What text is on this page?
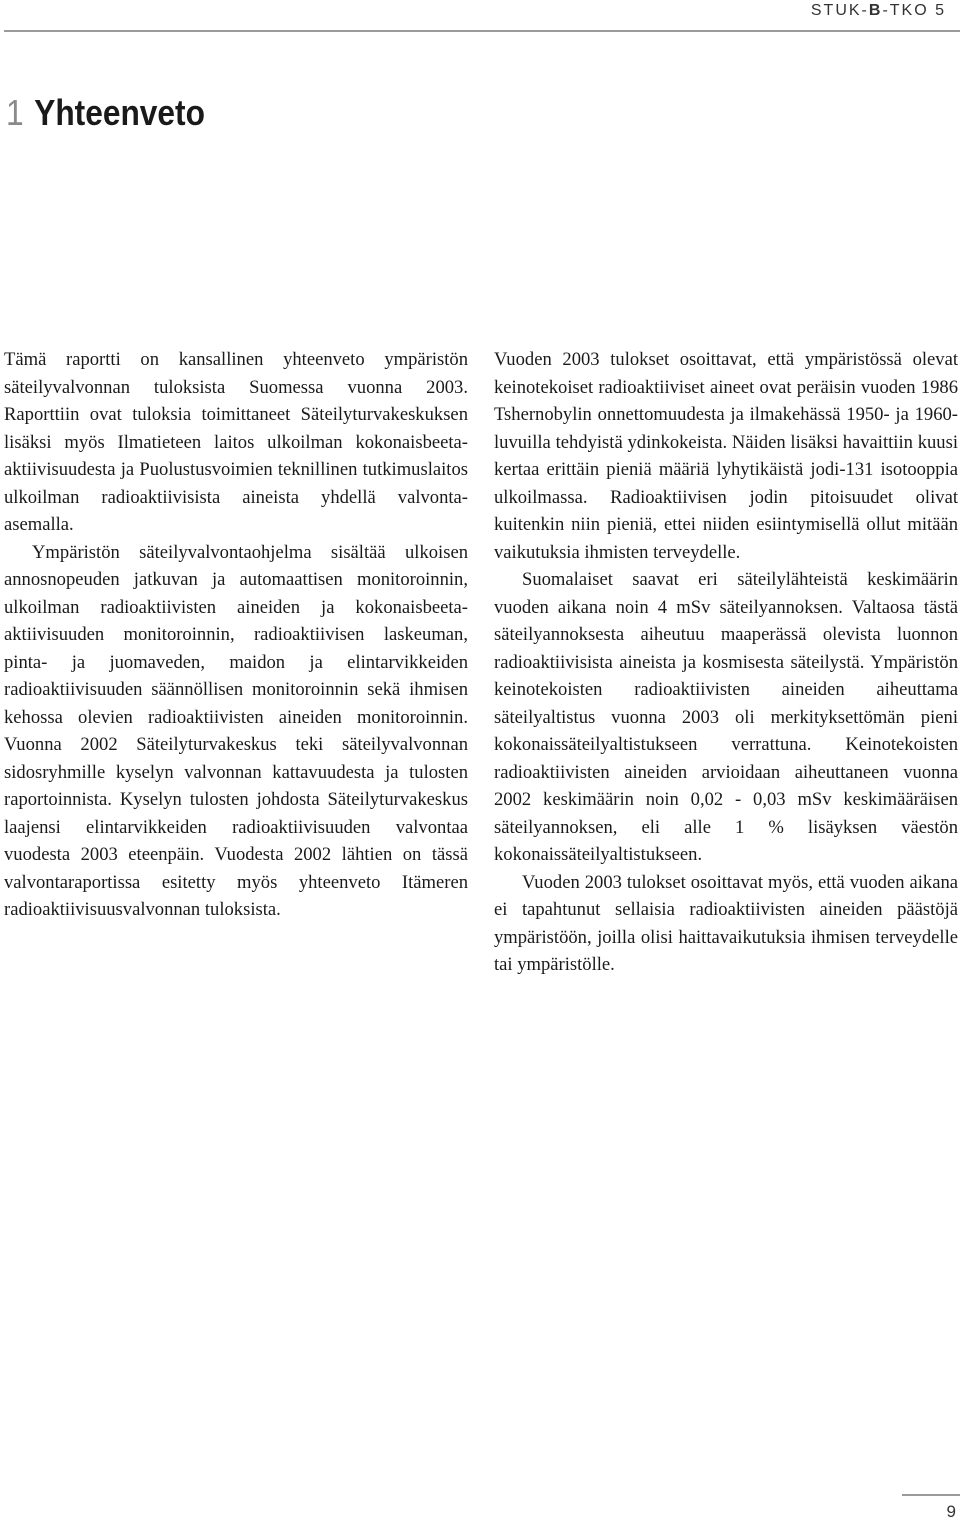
STUK-B-TKO 5
1 Yhteenveto

Tämä raportti on kansallinen yhteenveto ympäristön säteilyvalvonnan tuloksista Suomessa vuonna 2003. Raporttiin ovat tuloksia toimittaneet Säteilyturvakeskuksen lisäksi myös Ilmatieteen laitos ulkoilman kokonaisbeeta-aktiivisuudesta ja Puolustusvoimien teknillinen tutkimuslaitos ulkoilman radioaktiivisista aineista yhdellä valvonta-asemalla.

Ympäristön säteilyvalvontaohjelma sisältää ulkoisen annosnopeuden jatkuvan ja automaattisen monitoroinnin, ulkoilman radioaktiivisten aineiden ja kokonaisbeeta-aktiivisuuden monitoroinnin, radioaktiivisen laskeuman, pinta- ja juomaveden, maidon ja elintarvikkeiden radioaktiivisuuden säännöllisen monitoroinnin sekä ihmisen kehossa olevien radioaktiivisten aineiden monitoroinnin. Vuonna 2002 Säteilyturvakeskus teki säteilyvalvonnan sidosryhmille kyselyn valvonnan kattavuudesta ja tulosten raportoinnista. Kyselyn tulosten johdosta Säteilyturvakeskus laajensi elintarvikkeiden radioaktiivisuuden valvontaa vuodesta 2003 eteenpäin. Vuodesta 2002 lähtien on tässä valvontaraportissa esitetty myös yhteenveto Itämeren radioaktiivisuusvalvonnan tuloksista.

Vuoden 2003 tulokset osoittavat, että ympäristössä olevat keinotekoiset radioaktiiviset aineet ovat peräisin vuoden 1986 Tshernobylin onnettomuudesta ja ilmakehässä 1950- ja 1960-luvuilla tehdyistä ydinkokeista. Näiden lisäksi havaittiin kuusi kertaa erittäin pieniä määriä lyhytikäistä jodi-131 isotooppia ulkoilmassa. Radioaktiivisen jodin pitoisuudet olivat kuitenkin niin pieniä, ettei niiden esiintymisellä ollut mitään vaikutuksia ihmisten terveydelle.

Suomalaiset saavat eri säteilylähteistä keskimäärin vuoden aikana noin 4 mSv säteilyannoksen. Valtaosa tästä säteilyannoksesta aiheutuu maaperässä olevista luonnon radioaktiivisista aineista ja kosmisesta säteilystä. Ympäristön keinotekoisten radioaktiivisten aineiden aiheuttama säteilyaltistus vuonna 2003 oli merkityksettömän pieni kokonaissäteilyaltistukseen verrattuna. Keinotekoisten radioaktiivisten aineiden arvioidaan aiheuttaneen vuonna 2002 keskimäärin noin 0,02 - 0,03 mSv keskimääräisen säteilyannoksen, eli alle 1 % lisäyksen väestön kokonaissäteilyaltistukseen.

Vuoden 2003 tulokset osoittavat myös, että vuoden aikana ei tapahtunut sellaisia radioaktiivisten aineiden päästöjä ympäristöön, joilla olisi haittavaikutuksia ihmisen terveydelle tai ympäristölle.

9
